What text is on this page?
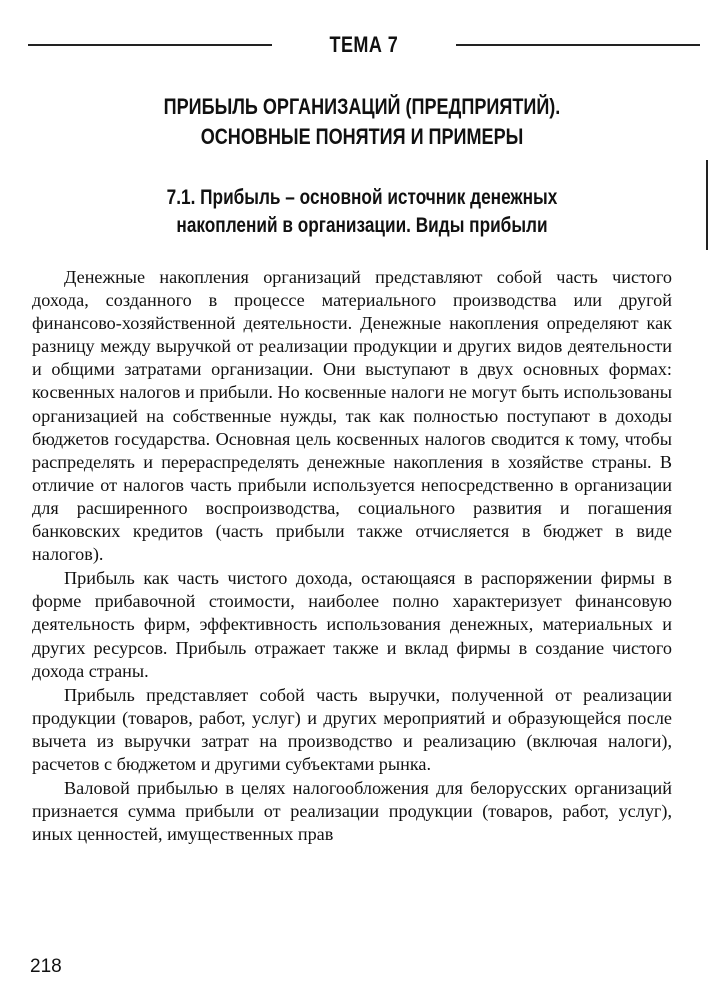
ТЕМА 7
ПРИБЫЛЬ ОРГАНИЗАЦИЙ (ПРЕДПРИЯТИЙ).
ОСНОВНЫЕ ПОНЯТИЯ И ПРИМЕРЫ
7.1. Прибыль – основной источник денежных
накоплений в организации. Виды прибыли

Денежные накопления организаций представляют собой часть чистого дохода, созданного в процессе материального производства или другой финансово-хозяйственной деятельности. Денежные накопления определяют как разницу между выручкой от реализации продукции и других видов деятельности и общими затратами организации. Они выступают в двух основных формах: косвенных налогов и прибыли. Но косвенные налоги не могут быть использованы организацией на собственные нужды, так как полностью поступают в доходы бюджетов государства. Основная цель косвенных налогов сводится к тому, чтобы распределять и перераспределять денежные накопления в хозяйстве страны. В отличие от налогов часть прибыли используется непосредственно в организации для расширенного воспроизводства, социального развития и погашения банковских кредитов (часть прибыли также отчисляется в бюджет в виде налогов).

Прибыль как часть чистого дохода, остающаяся в распоряжении фирмы в форме прибавочной стоимости, наиболее полно характеризует финансовую деятельность фирм, эффективность использования денежных, материальных и других ресурсов. Прибыль отражает также и вклад фирмы в создание чистого дохода страны.

Прибыль представляет собой часть выручки, полученной от реализации продукции (товаров, работ, услуг) и других мероприятий и образующейся после вычета из выручки затрат на производство и реализацию (включая налоги), расчетов с бюджетом и другими субъектами рынка.

Валовой прибылью в целях налогообложения для белорусских организаций признается сумма прибыли от реализации продукции (товаров, работ, услуг), иных ценностей, имущественных прав

218
